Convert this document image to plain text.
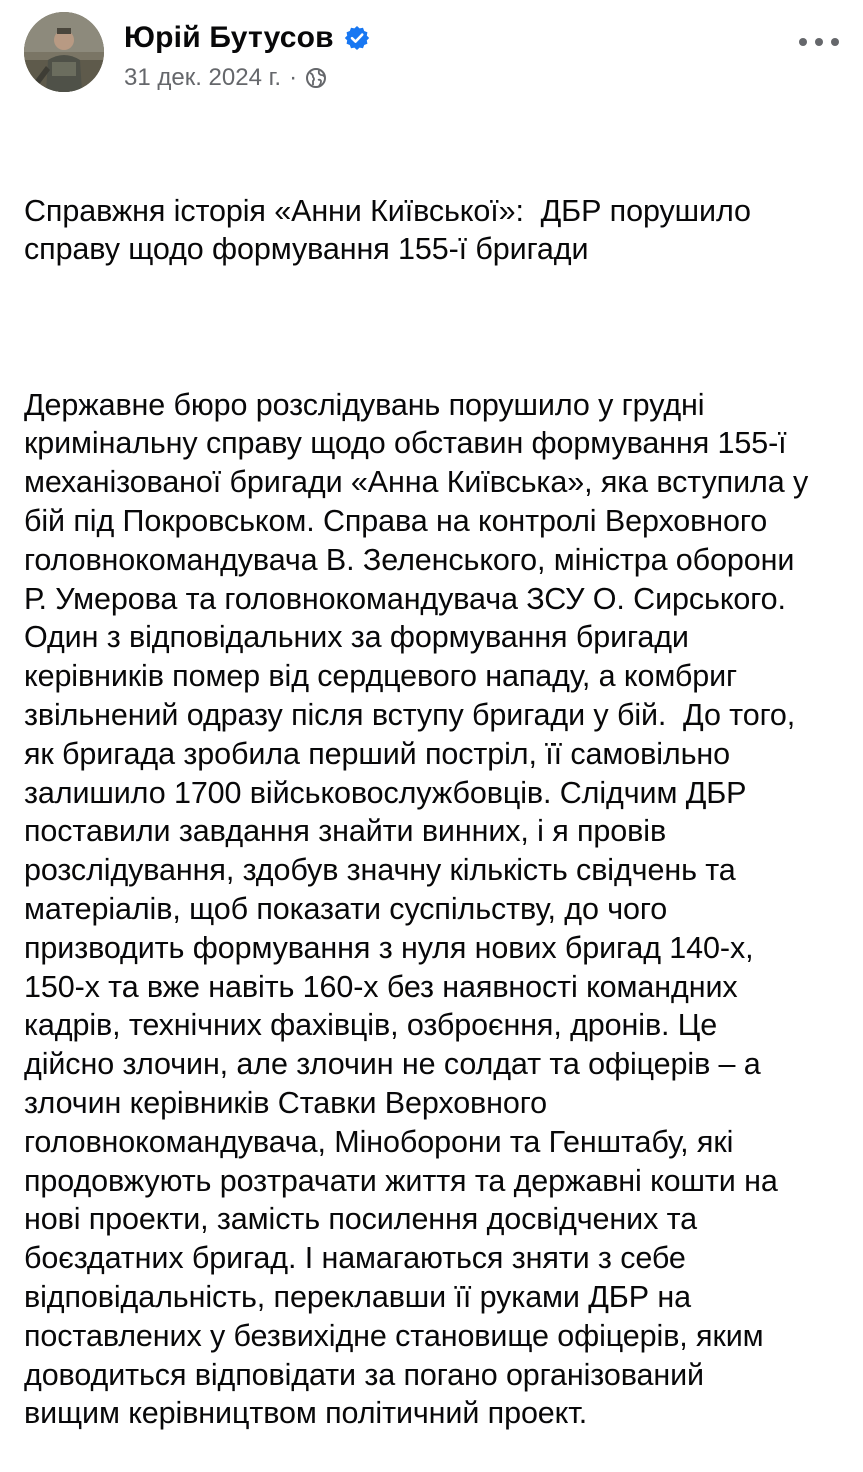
Юрій Бутусов
31 дек. 2024 г. ·

Справжня історія «Анни Київської»:  ДБР порушило
справу щодо формування 155-ї бригади

Державне бюро розслідувань порушило у грудні
кримінальну справу щодо обставин формування 155-ї
механізованої бригади «Анна Київська», яка вступила у
бій під Покровськом. Справа на контролі Верховного
головнокомандувача В. Зеленського, міністра оборони
Р. Умерова та головнокомандувача ЗСУ О. Сирського.
Один з відповідальних за формування бригади
керівників помер від сердцевого нападу, а комбриг
звільнений одразу після вступу бригади у бій.  До того,
як бригада зробила перший постріл, її самовільно
залишило 1700 військовослужбовців. Слідчим ДБР
поставили завдання знайти винних, і я провів
розслідування, здобув значну кількість свідчень та
матеріалів, щоб показати суспільству, до чого
призводить формування з нуля нових бригад 140-х,
150-х та вже навіть 160-х без наявності командних
кадрів, технічних фахівців, озброєння, дронів. Це
дійсно злочин, але злочин не солдат та офіцерів – а
злочин керівників Ставки Верховного
головнокомандувача, Міноборони та Генштабу, які
продовжують розтрачати життя та державні кошти на
нові проекти, замість посилення досвідчених та
боєздатних бригад. І намагаються зняти з себе
відповідальність, переклавши її руками ДБР на
поставлених у безвихідне становище офіцерів, яким
доводиться відповідати за погано організований
вищим керівництвом політичний проект.
